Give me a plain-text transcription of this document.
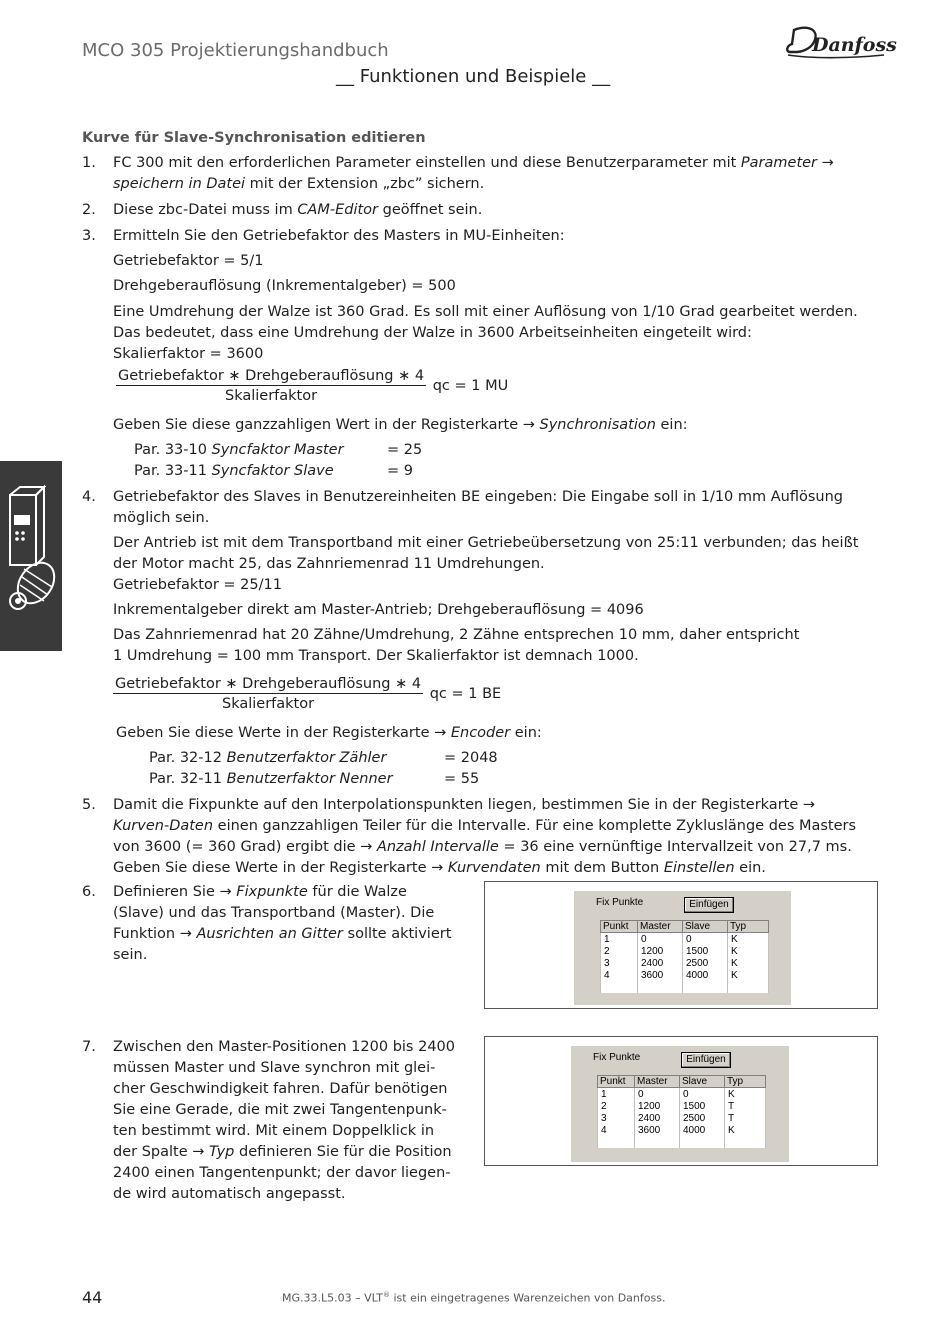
MCO 305 Projektierungshandbuch
__ Funktionen und Beispiele __
Danfoss
Kurve für Slave-Synchronisation editieren
1.	FC 300 mit den erforderlichen Parameter einstellen und diese Benutzerparameter mit Parameter →
speichern in Datei mit der Extension „zbc” sichern.
2.	Diese zbc-Datei muss im CAM-Editor geöffnet sein.
3.	Ermitteln Sie den Getriebefaktor des Masters in MU-Einheiten:
Getriebefaktor = 5/1
Drehgeberauflösung (Inkrementalgeber) = 500
Eine Umdrehung der Walze ist 360 Grad. Es soll mit einer Auflösung von 1/10 Grad gearbeitet werden.
Das bedeutet, dass eine Umdrehung der Walze in 3600 Arbeitseinheiten eingeteilt wird:
Skalierfaktor = 3600
Getriebefaktor ∗ Drehgeberauflösung ∗ 4
Skalierfaktor
qc = 1 MU
Geben Sie diese ganzzahligen Wert in der Registerkarte → Synchronisation ein:
Par. 33-10 Syncfaktor Master	= 25
Par. 33-11 Syncfaktor Slave	= 9
4.	Getriebefaktor des Slaves in Benutzereinheiten BE eingeben: Die Eingabe soll in 1/10 mm Auflösung
möglich sein.
Der Antrieb ist mit dem Transportband mit einer Getriebeübersetzung von 25:11 verbunden; das heißt
der Motor macht 25, das Zahnriemenrad 11 Umdrehungen.
Getriebefaktor = 25/11
Inkrementalgeber direkt am Master-Antrieb; Drehgeberauflösung = 4096
Das Zahnriemenrad hat 20 Zähne/Umdrehung, 2 Zähne entsprechen 10 mm, daher entspricht
1 Umdrehung = 100 mm Transport. Der Skalierfaktor ist demnach 1000.
Getriebefaktor ∗ Drehgeberauflösung ∗ 4
Skalierfaktor
qc = 1 BE
Geben Sie diese Werte in der Registerkarte → Encoder ein:
Par. 32-12 Benutzerfaktor Zähler	= 2048
Par. 32-11 Benutzerfaktor Nenner	= 55
5.	Damit die Fixpunkte auf den Interpolationspunkten liegen, bestimmen Sie in der Registerkarte →
Kurven-Daten einen ganzzahligen Teiler für die Intervalle. Für eine komplette Zykluslänge des Masters
von 3600 (= 360 Grad) ergibt die → Anzahl Intervalle = 36 eine vernünftige Intervallzeit von 27,7 ms.
Geben Sie diese Werte in der Registerkarte → Kurvendaten mit dem Button Einstellen ein.
6.	Definieren Sie → Fixpunkte für die Walze
(Slave) und das Transportband (Master). Die
Funktion → Ausrichten an Gitter sollte aktiviert
sein.
Fix Punkte	Einfügen
Punkt	Master	Slave	Typ
1	0	0	K
2	1200	1500	K
3	2400	2500	K
4	3600	4000	K

7.	Zwischen den Master-Positionen 1200 bis 2400
müssen Master und Slave synchron mit glei-
cher Geschwindigkeit fahren. Dafür benötigen
Sie eine Gerade, die mit zwei Tangentenpunk-
ten bestimmt wird. Mit einem Doppelklick in
der Spalte → Typ definieren Sie für die Position
2400 einen Tangentenpunkt; der davor liegen-
de wird automatisch angepasst.
Fix Punkte	Einfügen
Punkt	Master	Slave	Typ
1	0	0	K
2	1200	1500	T
3	2400	2500	T
4	3600	4000	K

44	MG.33.L5.03 – VLT® ist ein eingetragenes Warenzeichen von Danfoss.
